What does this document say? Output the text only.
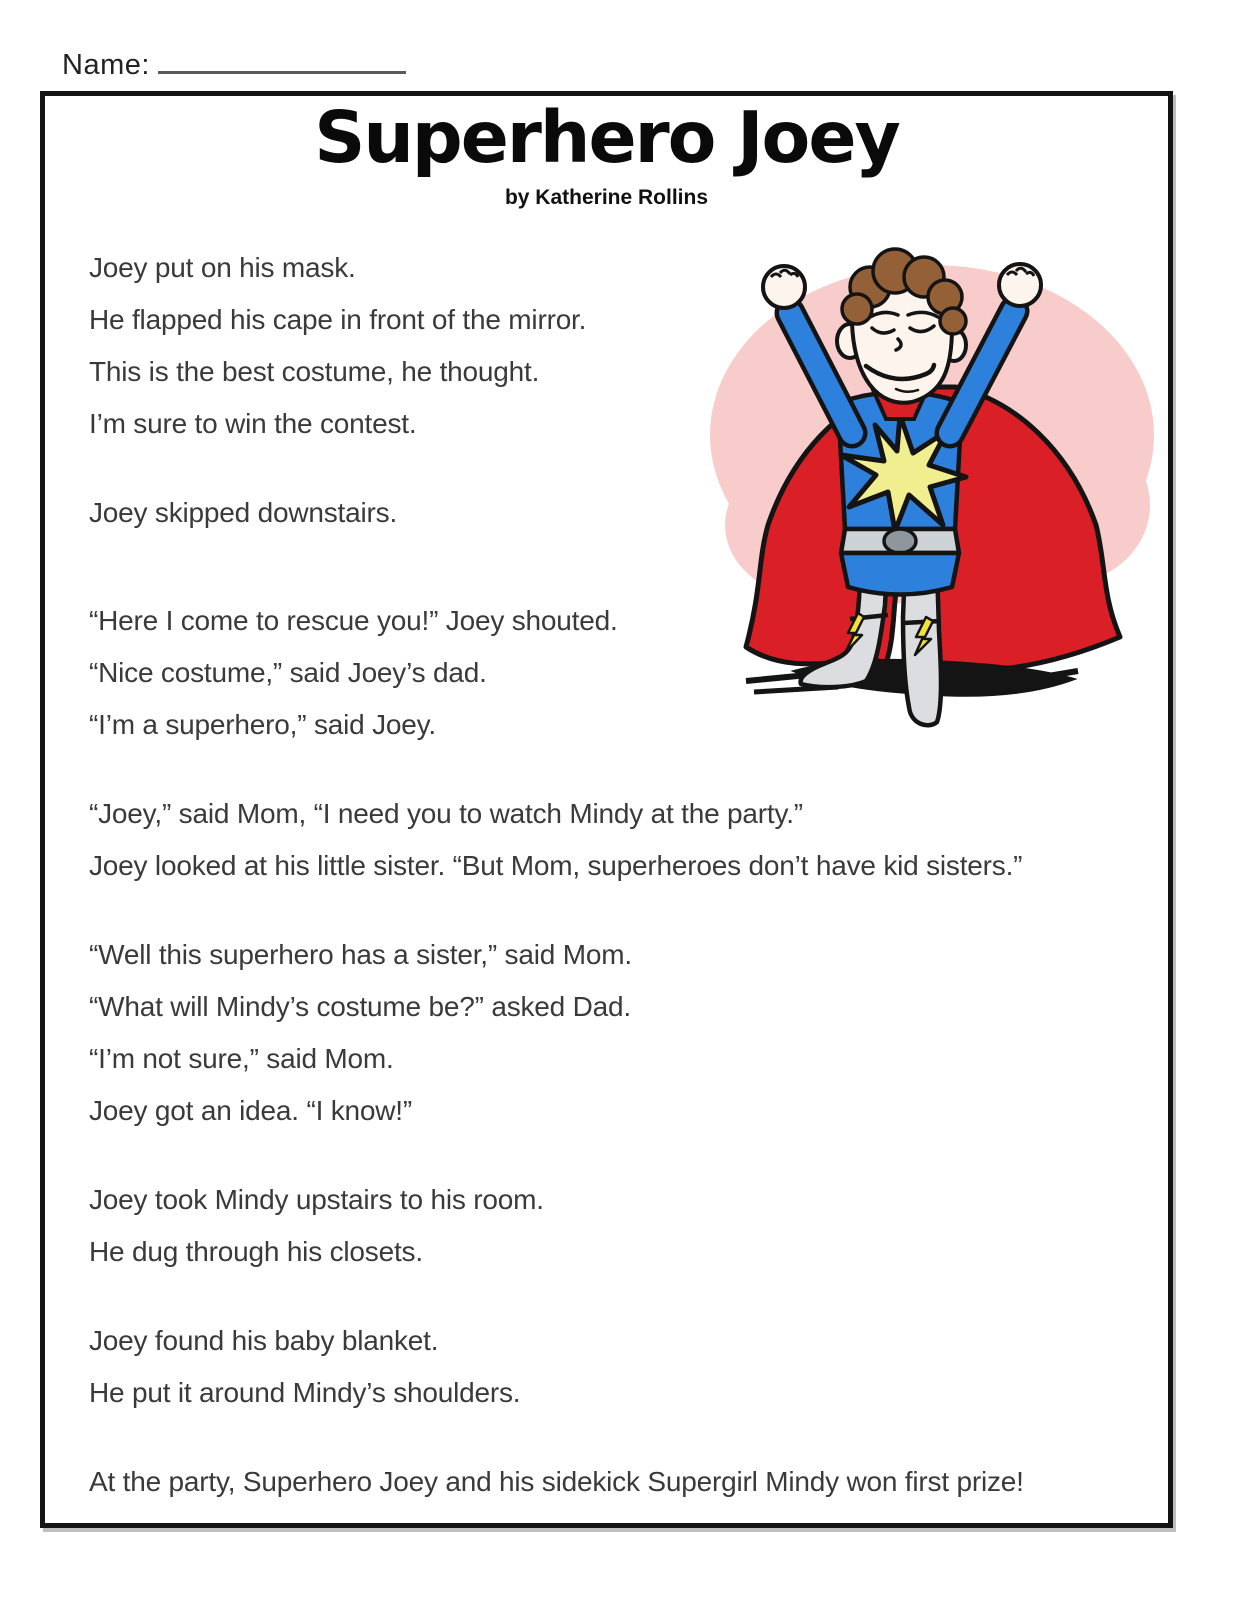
Name:
Superhero Joey
by Katherine Rollins
Joey put on his mask.
He flapped his cape in front of the mirror.
This is the best costume, he thought.
I’m sure to win the contest.
Joey skipped downstairs.
“Here I come to rescue you!” Joey shouted.
“Nice costume,” said Joey’s dad.
“I’m a superhero,” said Joey.
“Joey,” said Mom, “I need you to watch Mindy at the party.”
Joey looked at his little sister. “But Mom, superheroes don’t have kid sisters.”
“Well this superhero has a sister,” said Mom.
“What will Mindy’s costume be?” asked Dad.
“I’m not sure,” said Mom.
Joey got an idea. “I know!”
Joey took Mindy upstairs to his room.
He dug through his closets.
Joey found his baby blanket.
He put it around Mindy’s shoulders.
At the party, Superhero Joey and his sidekick Supergirl Mindy won first prize!
